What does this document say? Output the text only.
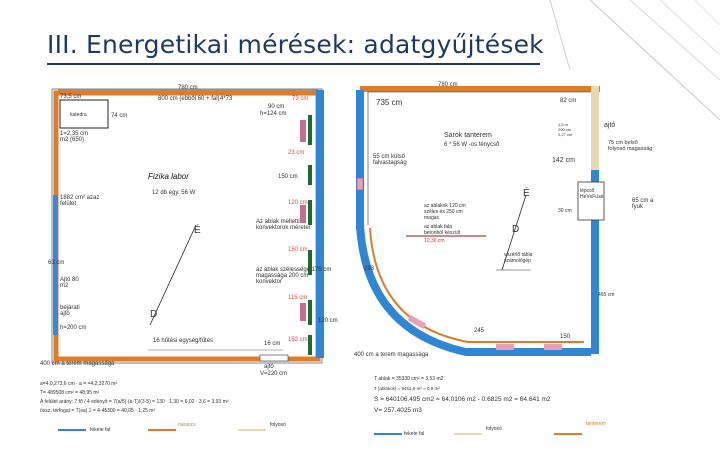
III. Energetikai mérések: adatgyűjtések
780 cm
73,5 cm
katedra	74 cm
800 cm (ebből 60 + fal) 4*73
90 cm
h=124 cm
73 cm
1=2,35 cm
m2 (650)
Fizika labor
12 db egy. 56 W
23 cm
150 cm
120 cm
Az ablak melletti
konvektorok méretei
150 cm
115 cm
az ablak szélessége 175 cm
magassága 200 cm
konvektor
120 cm
152 cm
1882 cm² azaz
felület
Ajtó 80
m2
bejárati
ajtó
h=200 cm
63 cm
É
D
16 hűtési egység/fűtés	16 cm
400 cm a terem magassága	ajtó
V=220 cm
a=4,0,273,6 cm · a = =4,2,3270 m²
T= 489508 cm² = 48,95 m²
A felület arány: 7 fő / 4 edény/t = 7(a/5)·(a·T)/(3·5) = 130 · 1,30 = 6,02 · 3,6 = 3,93 m²
össz. térfogat = T(sa) 1 = 4·45300 = 40,05 · 1,25 m³
fekete fal
narancs	folyosó
780 cm
735 cm	82 cm
ajtó
75 cm belső
folyosó magasság
1,5 m
200 cm
0,27 cm
Sarok tanterem
6 * 56 W -os fénycső
55 cm külső
falvastagság	142 cm
É
D
lépcső
HeVeFüsé
30 cm
az ablakok 120 cm
széles és 250 cm
magas
az ablak fala
betonból készült
10,36 cm
vezérlő tábla
számológép
293
245
150
65 cm a
fyuk
465 cm
400 cm a terem magassága
T ablak = 35330 cm² = 3,53 m2
T (ablakok) = 9451,6 m² = 0,9 m²
S = 640106.495 cm2 = 64.0106 m2 - 0.6825 m2 = 64.641 m2
V= 257.4025 m3
fekete fal
folyosó
tanterem
